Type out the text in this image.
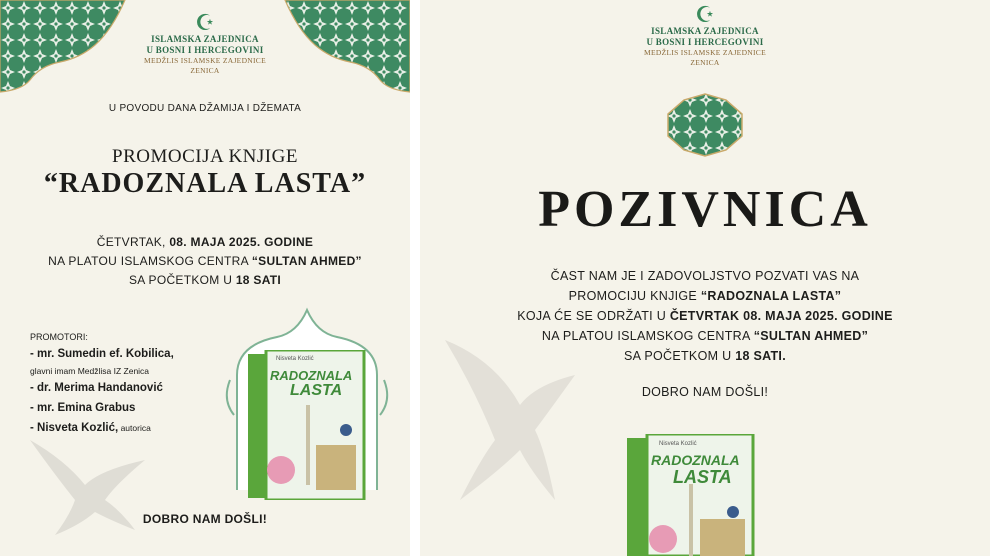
☪
ISLAMSKA ZAJEDNICA
U BOSNI I HERCEGOVINI
MEDŽLIS ISLAMSKE ZAJEDNICE
ZENICA
U POVODU DANA DŽAMIJA I DŽEMATA
PROMOCIJA KNJIGE
“RADOZNALA LASTA”
ČETVRTAK, 08. MAJA 2025. GODINE
NA PLATOU ISLAMSKOG CENTRA “SULTAN AHMED”
SA POČETKOM U 18 SATI
PROMOTORI:
- mr. Sumedin ef. Kobilica,
glavni imam Medžlisa IZ Zenica
- dr. Merima Handanović
- mr. Emina Grabus
- Nisveta Kozlić, autorica
Nisveta Kozlić
RADOZNALA
LASTA
DOBRO NAM DOŠLI!
☪
ISLAMSKA ZAJEDNICA
U BOSNI I HERCEGOVINI
MEDŽLIS ISLAMSKE ZAJEDNICE
ZENICA
POZIVNICA
ČAST NAM JE I ZADOVOLJSTVO POZVATI VAS NA
PROMOCIJU KNJIGE “RADOZNALA LASTA”
KOJA ĆE SE ODRŽATI U ČETVRTAK 08. MAJA 2025. GODINE
NA PLATOU ISLAMSKOG CENTRA “SULTAN AHMED”
SA POČETKOM U 18 SATI.
DOBRO NAM DOŠLI!
Nisveta Kozlić
RADOZNALA
LASTA
